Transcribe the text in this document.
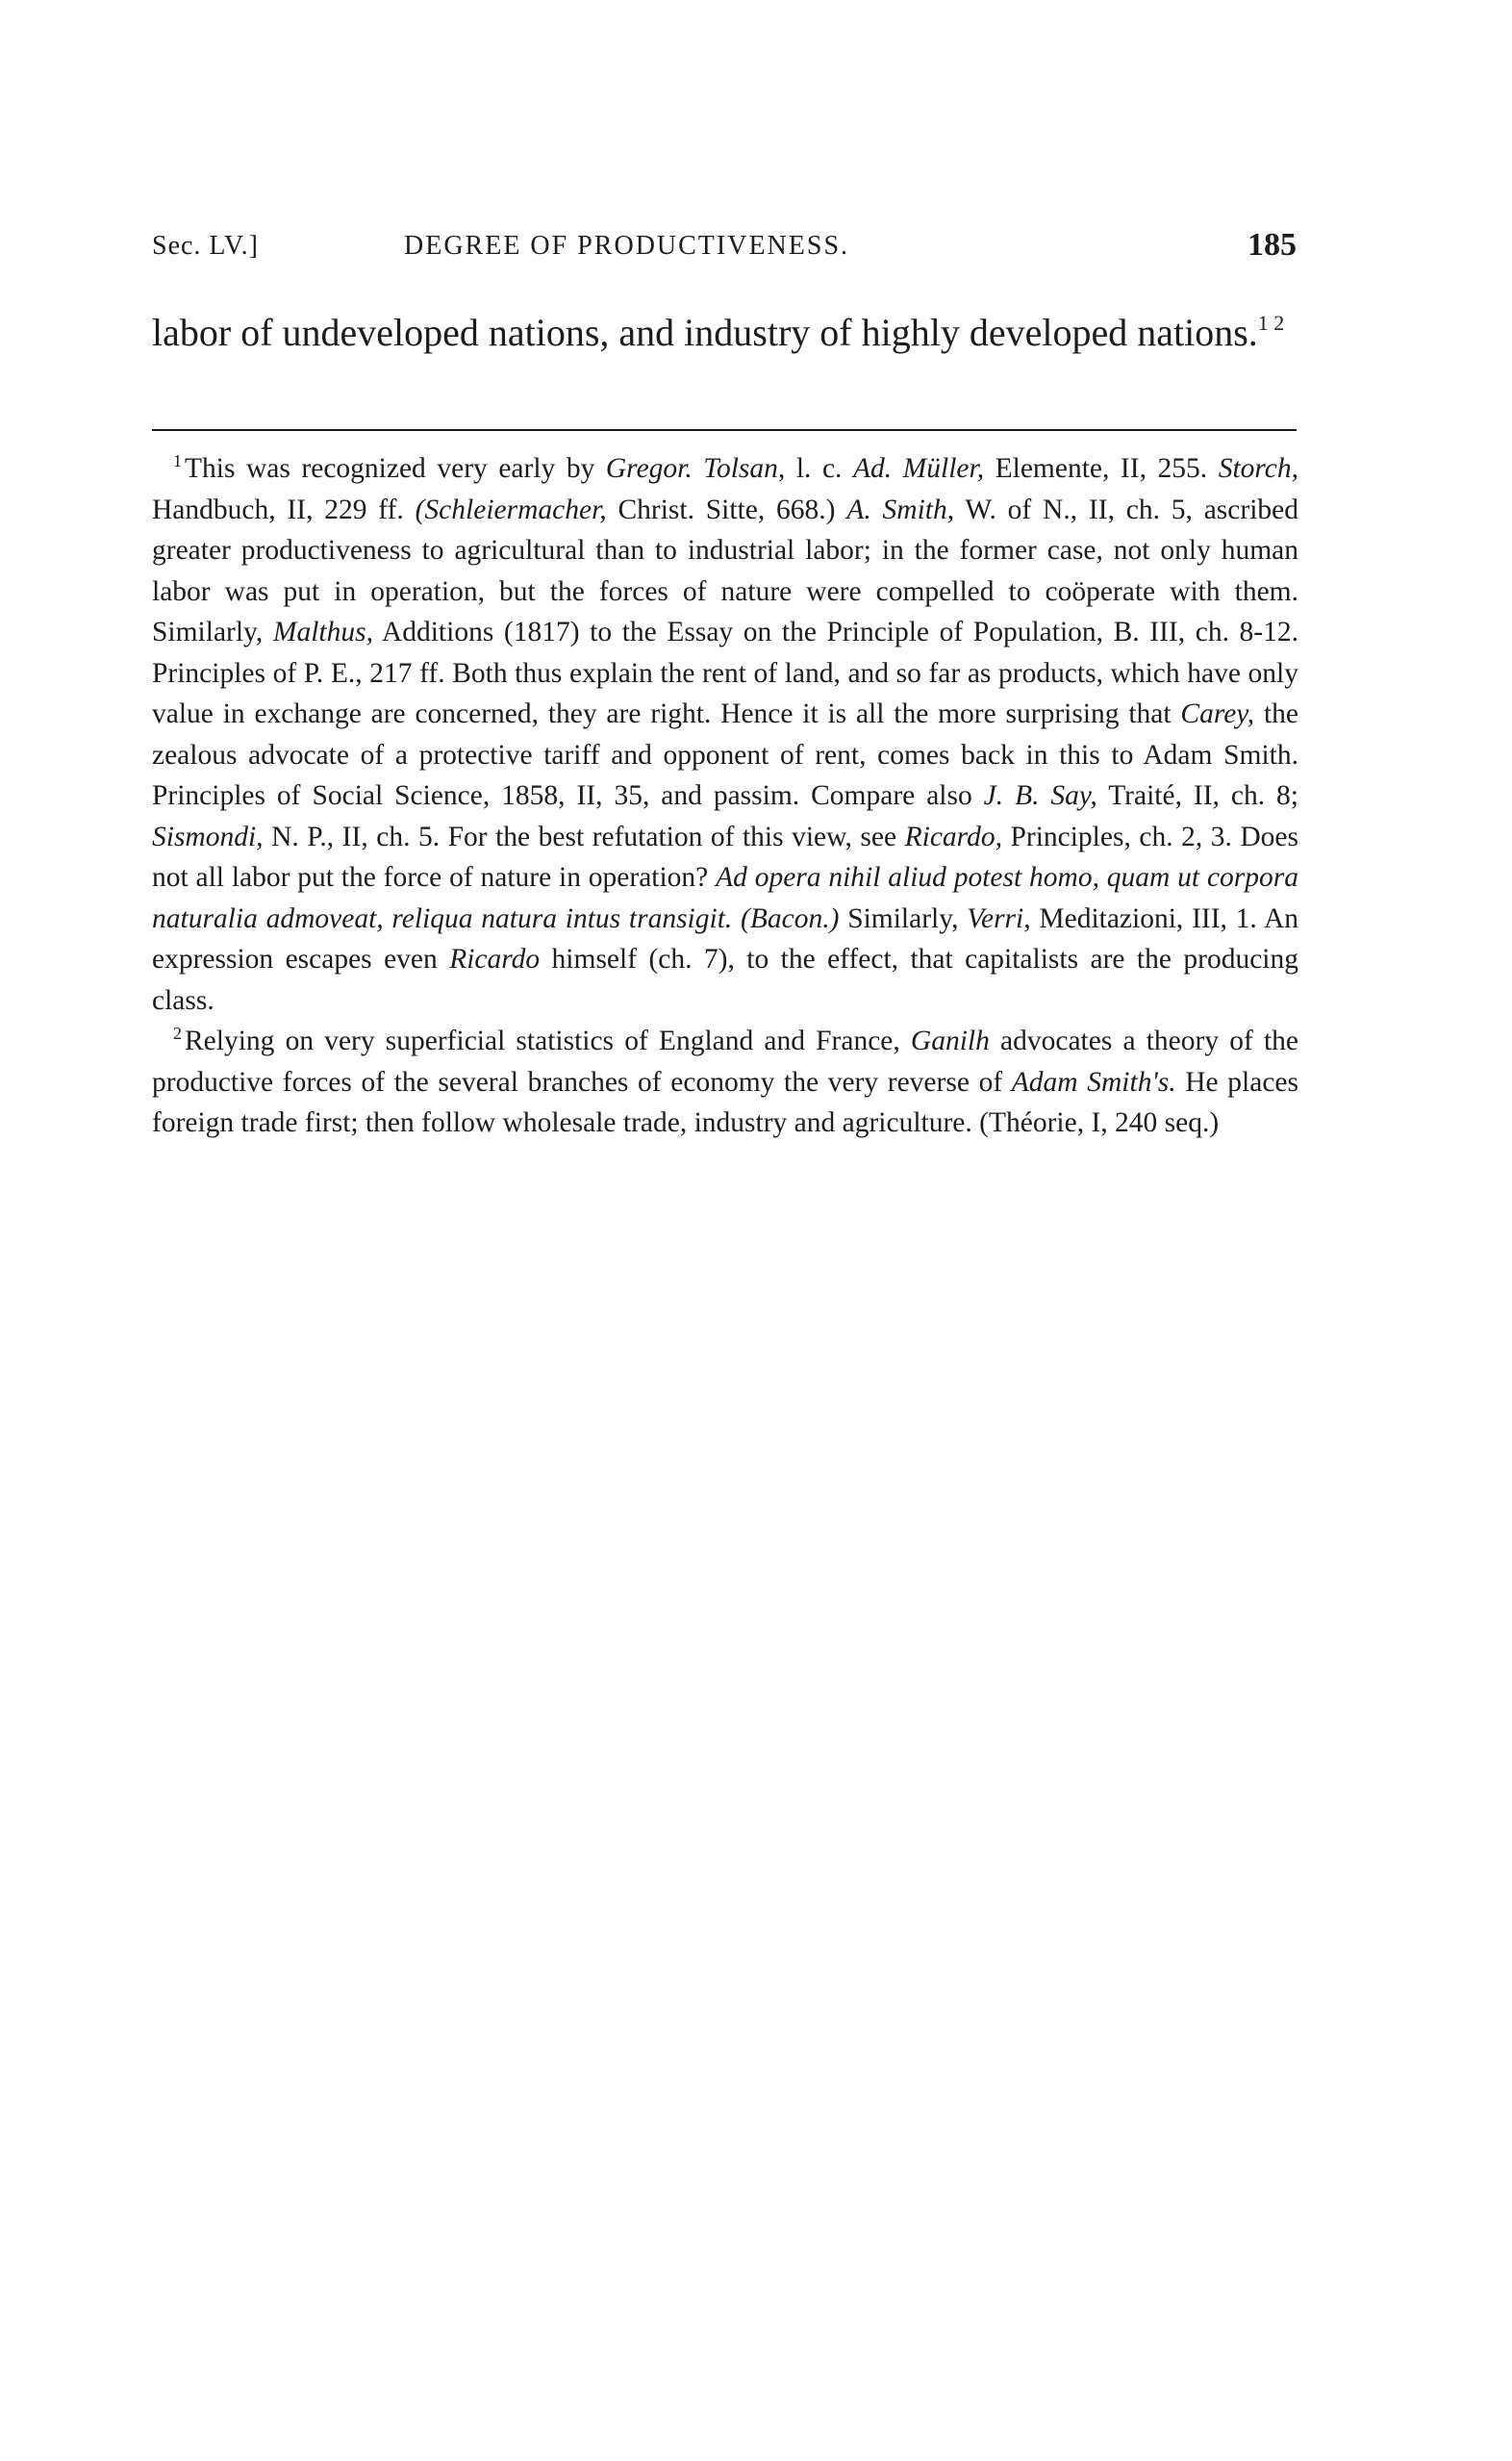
Sec. LV.]	DEGREE OF PRODUCTIVENESS.	185
labor of undeveloped nations, and industry of highly developed nations.$^{1 2}$

$^1$ This was recognized very early by Gregor. Tolsan, l. c. Ad. Müller, Elemente, II, 255. Storch, Handbuch, II, 229 ff. (Schleiermacher, Christ. Sitte, 668.) A. Smith, W. of N., II, ch. 5, ascribed greater productiveness to agricultural than to industrial labor; in the former case, not only human labor was put in operation, but the forces of nature were compelled to coöperate with them. Similarly, Malthus, Additions (1817) to the Essay on the Principle of Population, B. III, ch. 8-12. Principles of P. E., 217 ff. Both thus explain the rent of land, and so far as products, which have only value in exchange are concerned, they are right. Hence it is all the more surprising that Carey, the zealous advocate of a protective tariff and opponent of rent, comes back in this to Adam Smith. Principles of Social Science, 1858, II, 35, and passim. Compare also J. B. Say, Traité, II, ch. 8; Sismondi, N. P., II, ch. 5. For the best refutation of this view, see Ricardo, Principles, ch. 2, 3. Does not all labor put the force of nature in operation? Ad opera nihil aliud potest homo, quam ut corpora naturalia admoveat, reliqua natura intus transigit. (Bacon.) Similarly, Verri, Meditazioni, III, 1. An expression escapes even Ricardo himself (ch. 7), to the effect, that capitalists are the producing class.

$^2$ Relying on very superficial statistics of England and France, Ganilh advocates a theory of the productive forces of the several branches of economy the very reverse of Adam Smith's. He places foreign trade first; then follow wholesale trade, industry and agriculture. (Théorie, I, 240 seq.)
